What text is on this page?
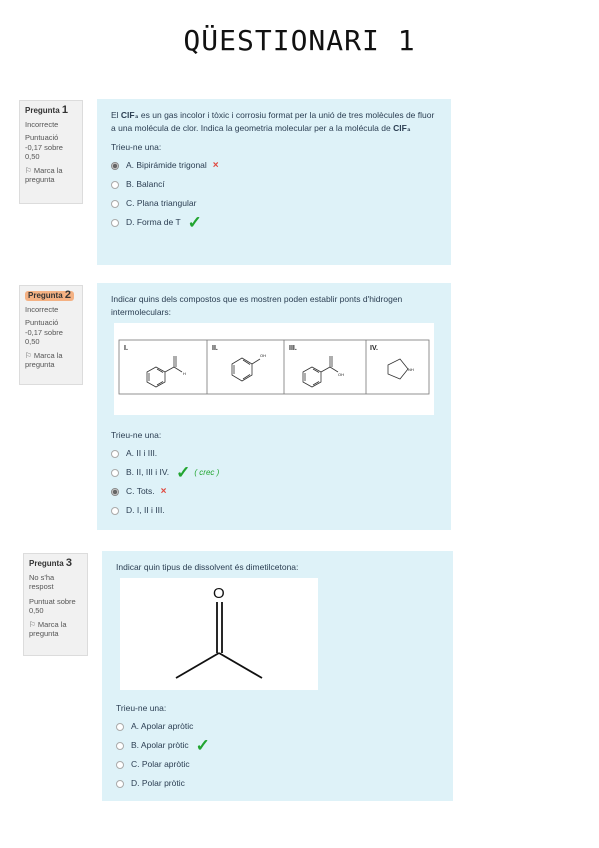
QÜESTIONARI 1
Pregunta 1
Incorrecte
Puntuació
-0,17 sobre
0,50
⚐ Marca la pregunta
El ClF₃ es un gas incolor i tòxic i corrosiu format per la unió de tres molècules de fluor a una molécula de clor. Indica la geometria molecular per a la molécula de ClF₃
Trieu-ne una:
A. Bipirámide trigonal ×
B. Balancí
C. Plana triangular
D. Forma de T ✓
Pregunta 2
Incorrecte
Puntuació
-0,17 sobre
0,50
⚐ Marca la pregunta
Indicar quins dels compostos que es mostren poden establir ponts d'hidrogen intermoleculars:
I.	II.	III.	IV.
H
OH
OH
NH
Trieu-ne una:
A. II i III.
B. II, III i IV. ✓ ( crec )
C. Tots. ×
D. I, II i III.
Pregunta 3
No s'ha
respost
Puntuat sobre
0,50
⚐ Marca la pregunta
Indicar quin tipus de dissolvent és dimetilcetona:
O
Trieu-ne una:
A. Apolar apròtic
B. Apolar pròtic ✓
C. Polar apròtic
D. Polar pròtic
